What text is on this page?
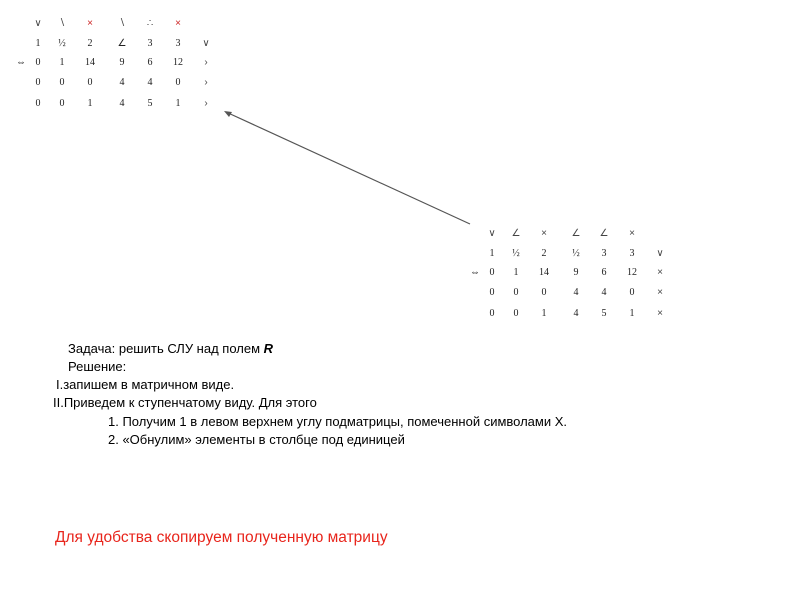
∨	∖	×	∖	∴	×
1	½	2	∠	3	3	∨
⇔ 0	1	14	9	6	12	›
0	0	0	4	4	0	›
0	0	1	4	5	1	›
∨	∠	×	∠	∠	×
1	½	2	½	3	3	∨
⇔ 0	1	14	9	6	12	×
0	0	0	4	4	0	×
0	0	1	4	5	1	×
Задача: решить СЛУ над полем R
Решение:
I.запишем в матричном виде.
II.Приведем к ступенчатому виду. Для этого
1. Получим 1 в левом верхнем углу подматрицы, помеченной символами X.
2. «Обнулим» элементы в столбце под единицей
Для удобства скопируем полученную матрицу
